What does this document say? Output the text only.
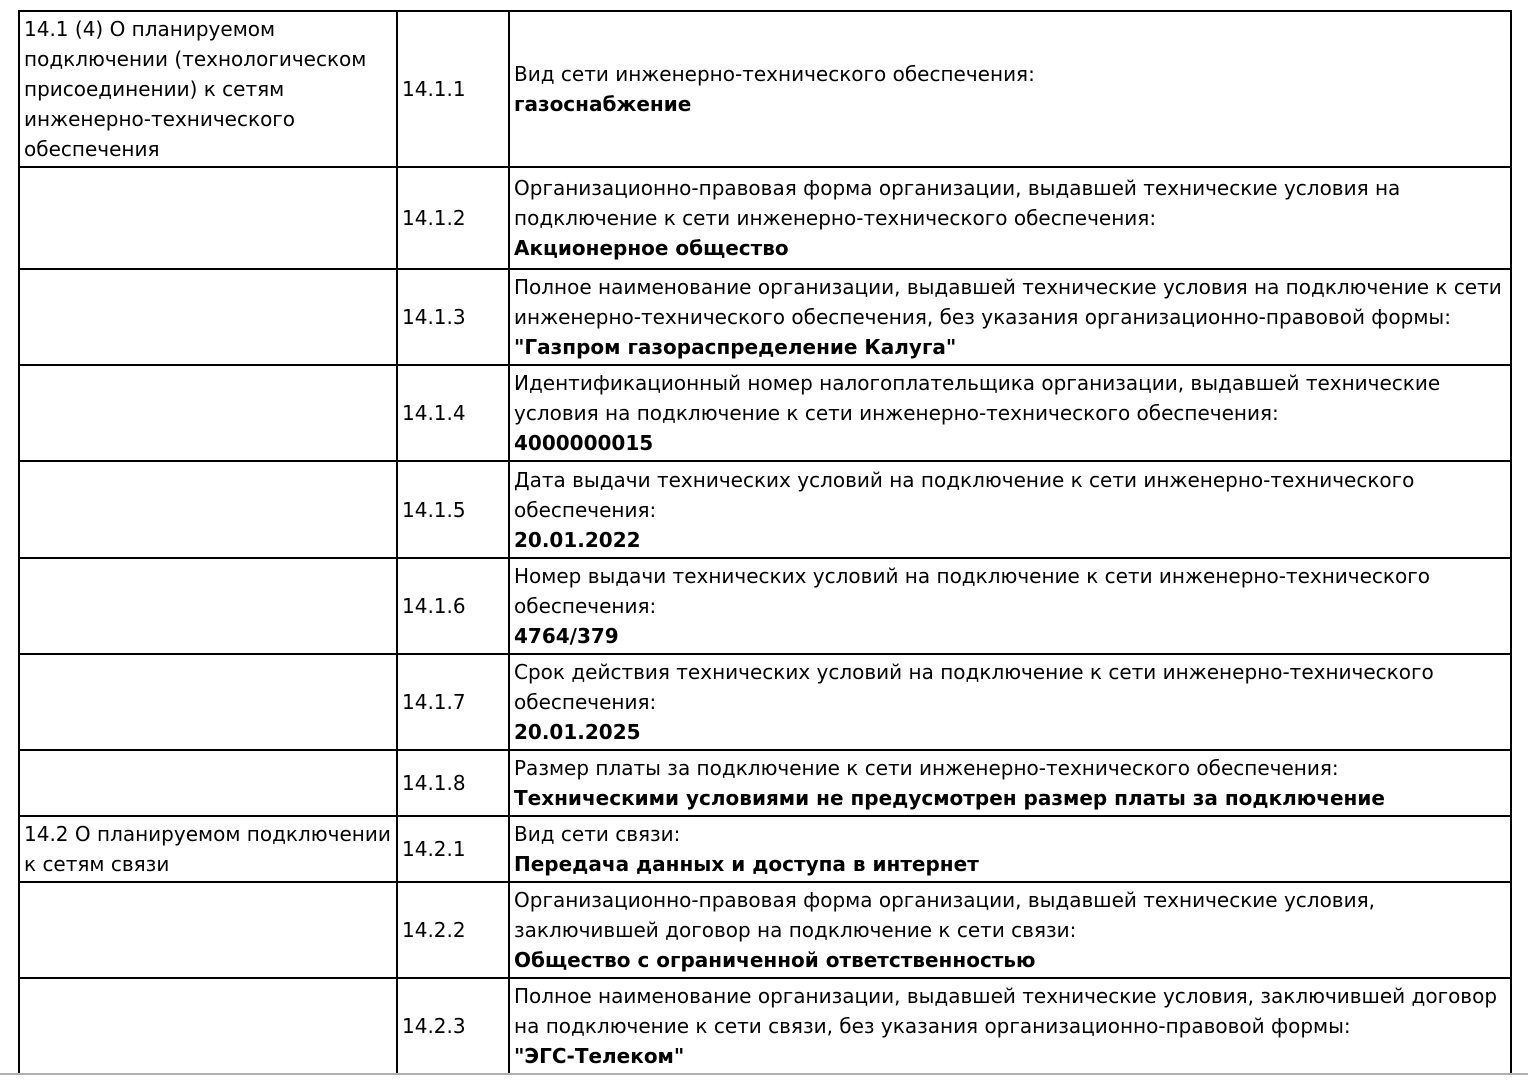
14.1 (4) О планируемом подключении (технологическом присоединении) к сетям инженерно-технического обеспечения	14.1.1	Вид сети инженерно-технического обеспечения:
газоснабжение

	14.1.2	Организационно-правовая форма организации, выдавшей технические условия на подключение к сети инженерно-технического обеспечения:
Акционерное общество

	14.1.3	Полное наименование организации, выдавшей технические условия на подключение к сети инженерно-технического обеспечения, без указания организационно-правовой формы:
"Газпром газораспределение Калуга"

	14.1.4	Идентификационный номер налогоплательщика организации, выдавшей технические условия на подключение к сети инженерно-технического обеспечения:
4000000015

	14.1.5	Дата выдачи технических условий на подключение к сети инженерно-технического обеспечения:
20.01.2022

	14.1.6	Номер выдачи технических условий на подключение к сети инженерно-технического обеспечения:
4764/379

	14.1.7	Срок действия технических условий на подключение к сети инженерно-технического обеспечения:
20.01.2025

	14.1.8	Размер платы за подключение к сети инженерно-технического обеспечения:
Техническими условиями не предусмотрен размер платы за подключение

14.2 О планируемом подключении к сетям связи	14.2.1	Вид сети связи:
Передача данных и доступа в интернет

	14.2.2	Организационно-правовая форма организации, выдавшей технические условия, заключившей договор на подключение к сети связи:
Общество с ограниченной ответственностью

	14.2.3	Полное наименование организации, выдавшей технические условия, заключившей договор на подключение к сети связи, без указания организационно-правовой формы:
"ЭГС-Телеком"
